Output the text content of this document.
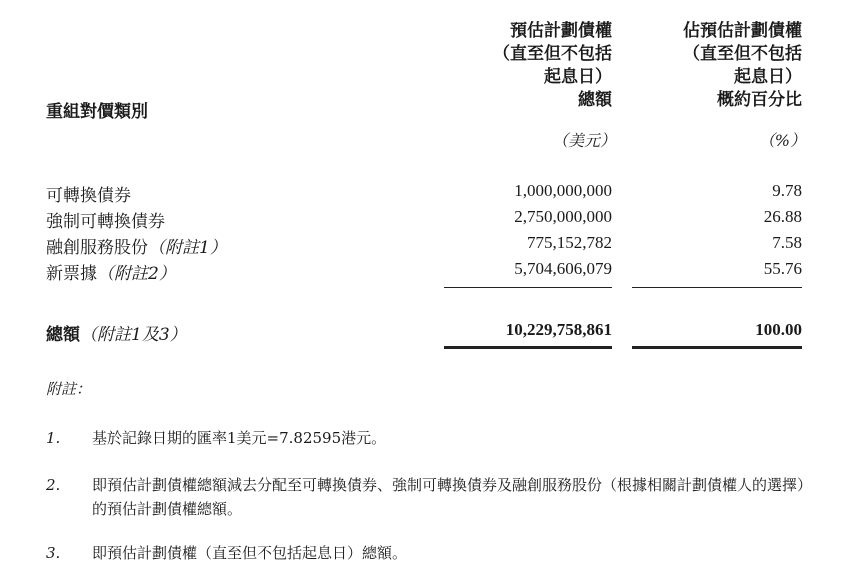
預估計劃債權
（直至但不包括
起息日）
總額
（美元）
佔預估計劃債權
（直至但不包括
起息日）
概約百分比
（%）
重組對價類別
可轉換債券	1,000,000,000	9.78
強制可轉換債券	2,750,000,000	26.88
融創服務股份（附註1）	775,152,782	7.58
新票據（附註2）	5,704,606,079	55.76
總額（附註1及3）	10,229,758,861	100.00
附註：
1. 基於記錄日期的匯率1美元=7.82595港元。
2. 即預估計劃債權總額減去分配至可轉換債券、強制可轉換債券及融創服務股份（根據相關計劃債權人的選擇）的預估計劃債權總額。
3. 即預估計劃債權（直至但不包括起息日）總額。
